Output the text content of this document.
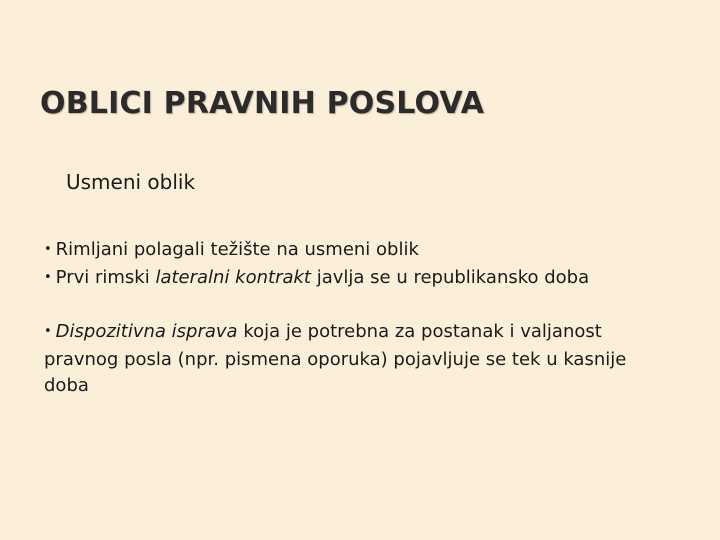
OBLICI PRAVNIH POSLOVA
Usmeni oblik
• Rimljani polagali težište na usmeni oblik
• Prvi rimski lateralni kontrakt javlja se u republikansko doba
• Dispozitivna isprava koja je potrebna za postanak i valjanost pravnog posla (npr. pismena oporuka) pojavljuje se tek u kasnije doba
